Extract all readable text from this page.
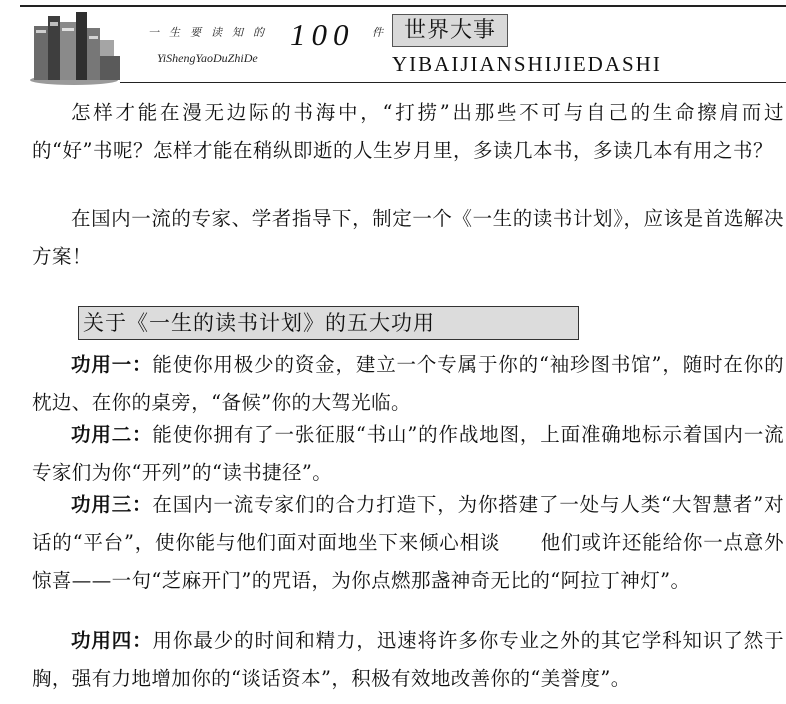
一生要读知的 100 件
YiShengYaoDuZhiDe
世界大事
YIBAIJIANSHIJIEDASHI

怎样才能在漫无边际的书海中，“打捞”出那些不可与自己的生命擦肩而过的“好”书呢？怎样才能在稍纵即逝的人生岁月里，多读几本书，多读几本有用之书？

在国内一流的专家、学者指导下，制定一个《一生的读书计划》，应该是首选解决方案！

关于《一生的读书计划》的五大功用

功用一：能使你用极少的资金，建立一个专属于你的“袖珍图书馆”，随时在你的枕边、在你的桌旁，“备候”你的大驾光临。

功用二：能使你拥有了一张征服“书山”的作战地图，上面准确地标示着国内一流专家们为你“开列”的“读书捷径”。

功用三：在国内一流专家们的合力打造下，为你搭建了一处与人类“大智慧者”对话的“平台”，使你能与他们面对面地坐下来倾心相谈　　他们或许还能给你一点意外惊喜——一句“芝麻开门”的咒语，为你点燃那盏神奇无比的“阿拉丁神灯”。

功用四：用你最少的时间和精力，迅速将许多你专业之外的其它学科知识了然于胸，强有力地增加你的“谈话资本”，积极有效地改善你的“美誉度”。
